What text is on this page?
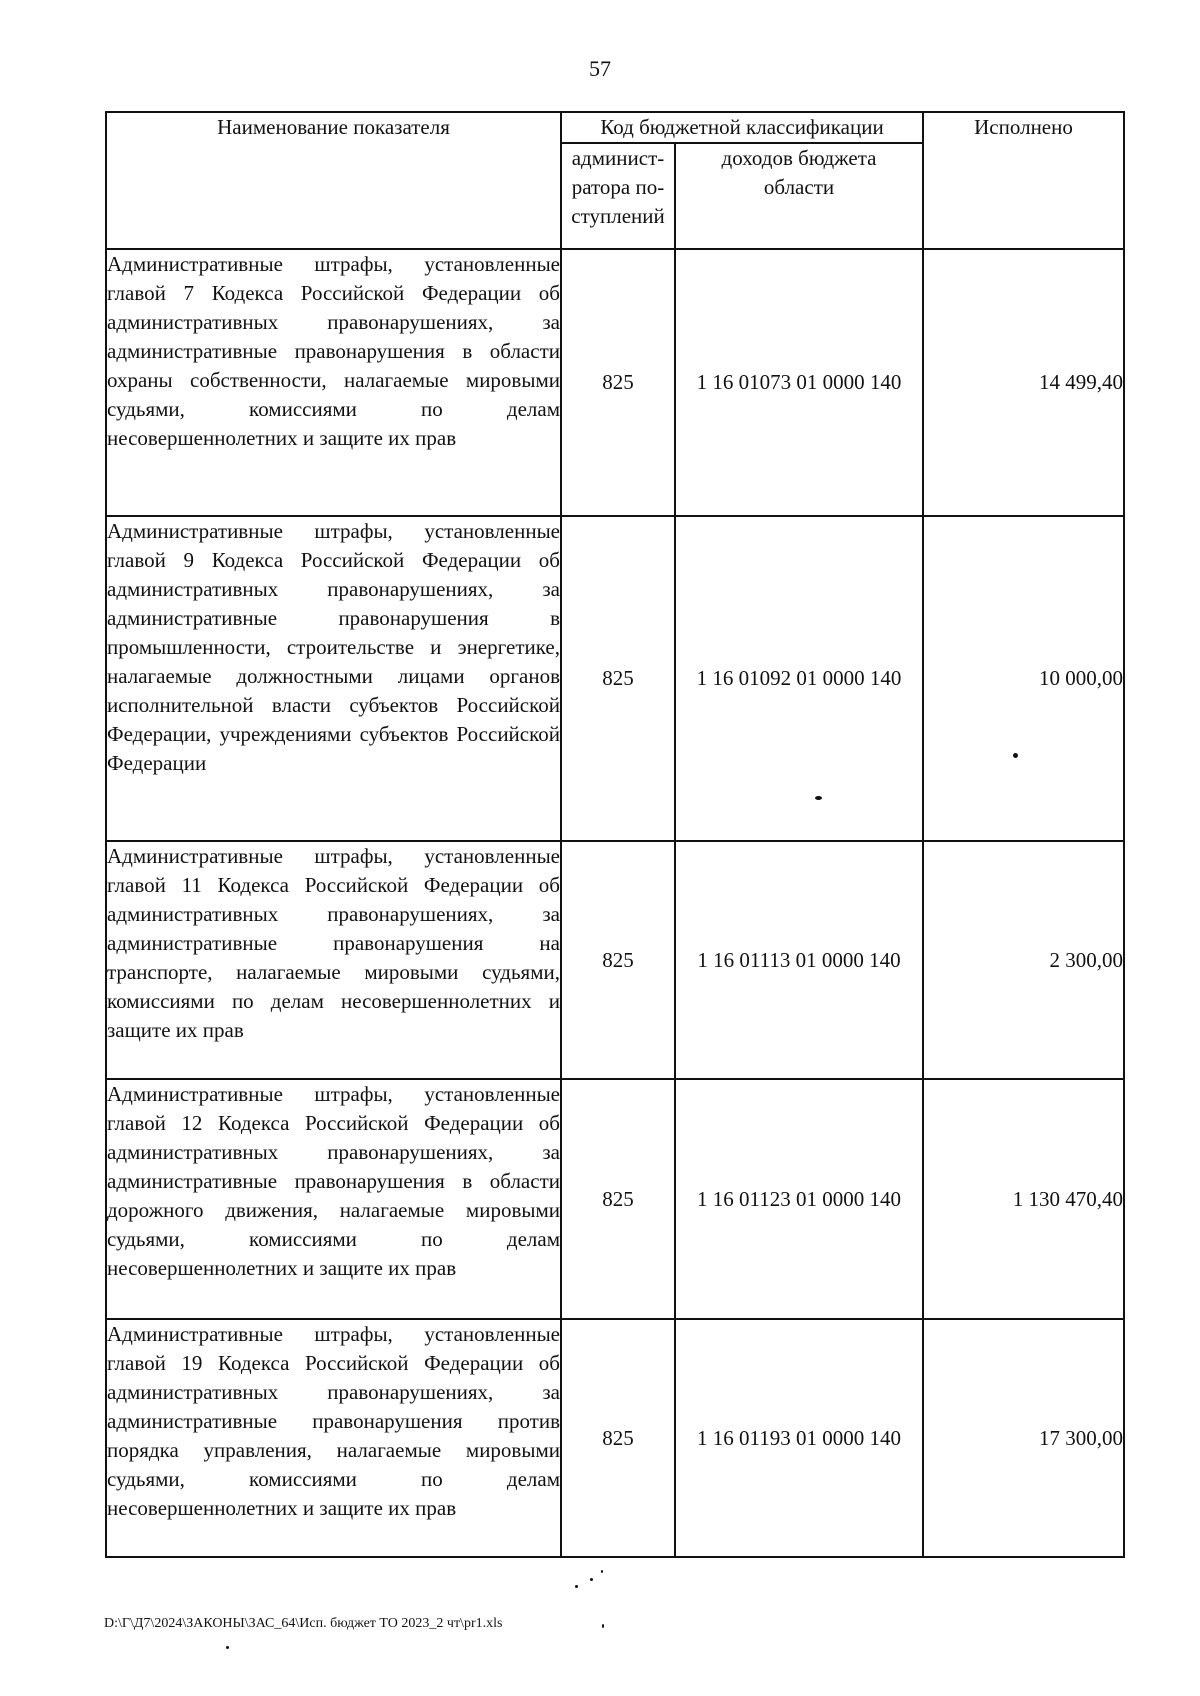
57
Наименование показателя	Код бюджетной классификации		Исполнено
	админист-ратора по-ступлений	доходов бюджета области	
Административные штрафы, установленные главой 7 Кодекса Российской Федерации об административных правонарушениях, за административные правонарушения в области охраны собственности, налагаемые мировыми судьями, комиссиями по делам несовершеннолетних и защите их прав	825	1 16 01073 01 0000 140	14 499,40
Административные штрафы, установленные главой 9 Кодекса Российской Федерации об административных правонарушениях, за административные правонарушения в промышленности, строительстве и энергетике, налагаемые должностными лицами органов исполнительной власти субъектов Российской Федерации, учреждениями субъектов Российской Федерации	825	1 16 01092 01 0000 140	10 000,00
Административные штрафы, установленные главой 11 Кодекса Российской Федерации об административных правонарушениях, за административные правонарушения на транспорте, налагаемые мировыми судьями, комиссиями по делам несовершеннолетних и защите их прав	825	1 16 01113 01 0000 140	2 300,00
Административные штрафы, установленные главой 12 Кодекса Российской Федерации об административных правонарушениях, за административные правонарушения в области дорожного движения, налагаемые мировыми судьями, комиссиями по делам несовершеннолетних и защите их прав	825	1 16 01123 01 0000 140	1 130 470,40
Административные штрафы, установленные главой 19 Кодекса Российской Федерации об административных правонарушениях, за административные правонарушения против порядка управления, налагаемые мировыми судьями, комиссиями по делам несовершеннолетних и защите их прав	825	1 16 01193 01 0000 140	17 300,00
D:\Г\Д7\2024\ЗАКОНЫ\ЗАС_64\Исп. бюджет ТО 2023_2 чт\pr1.xls
